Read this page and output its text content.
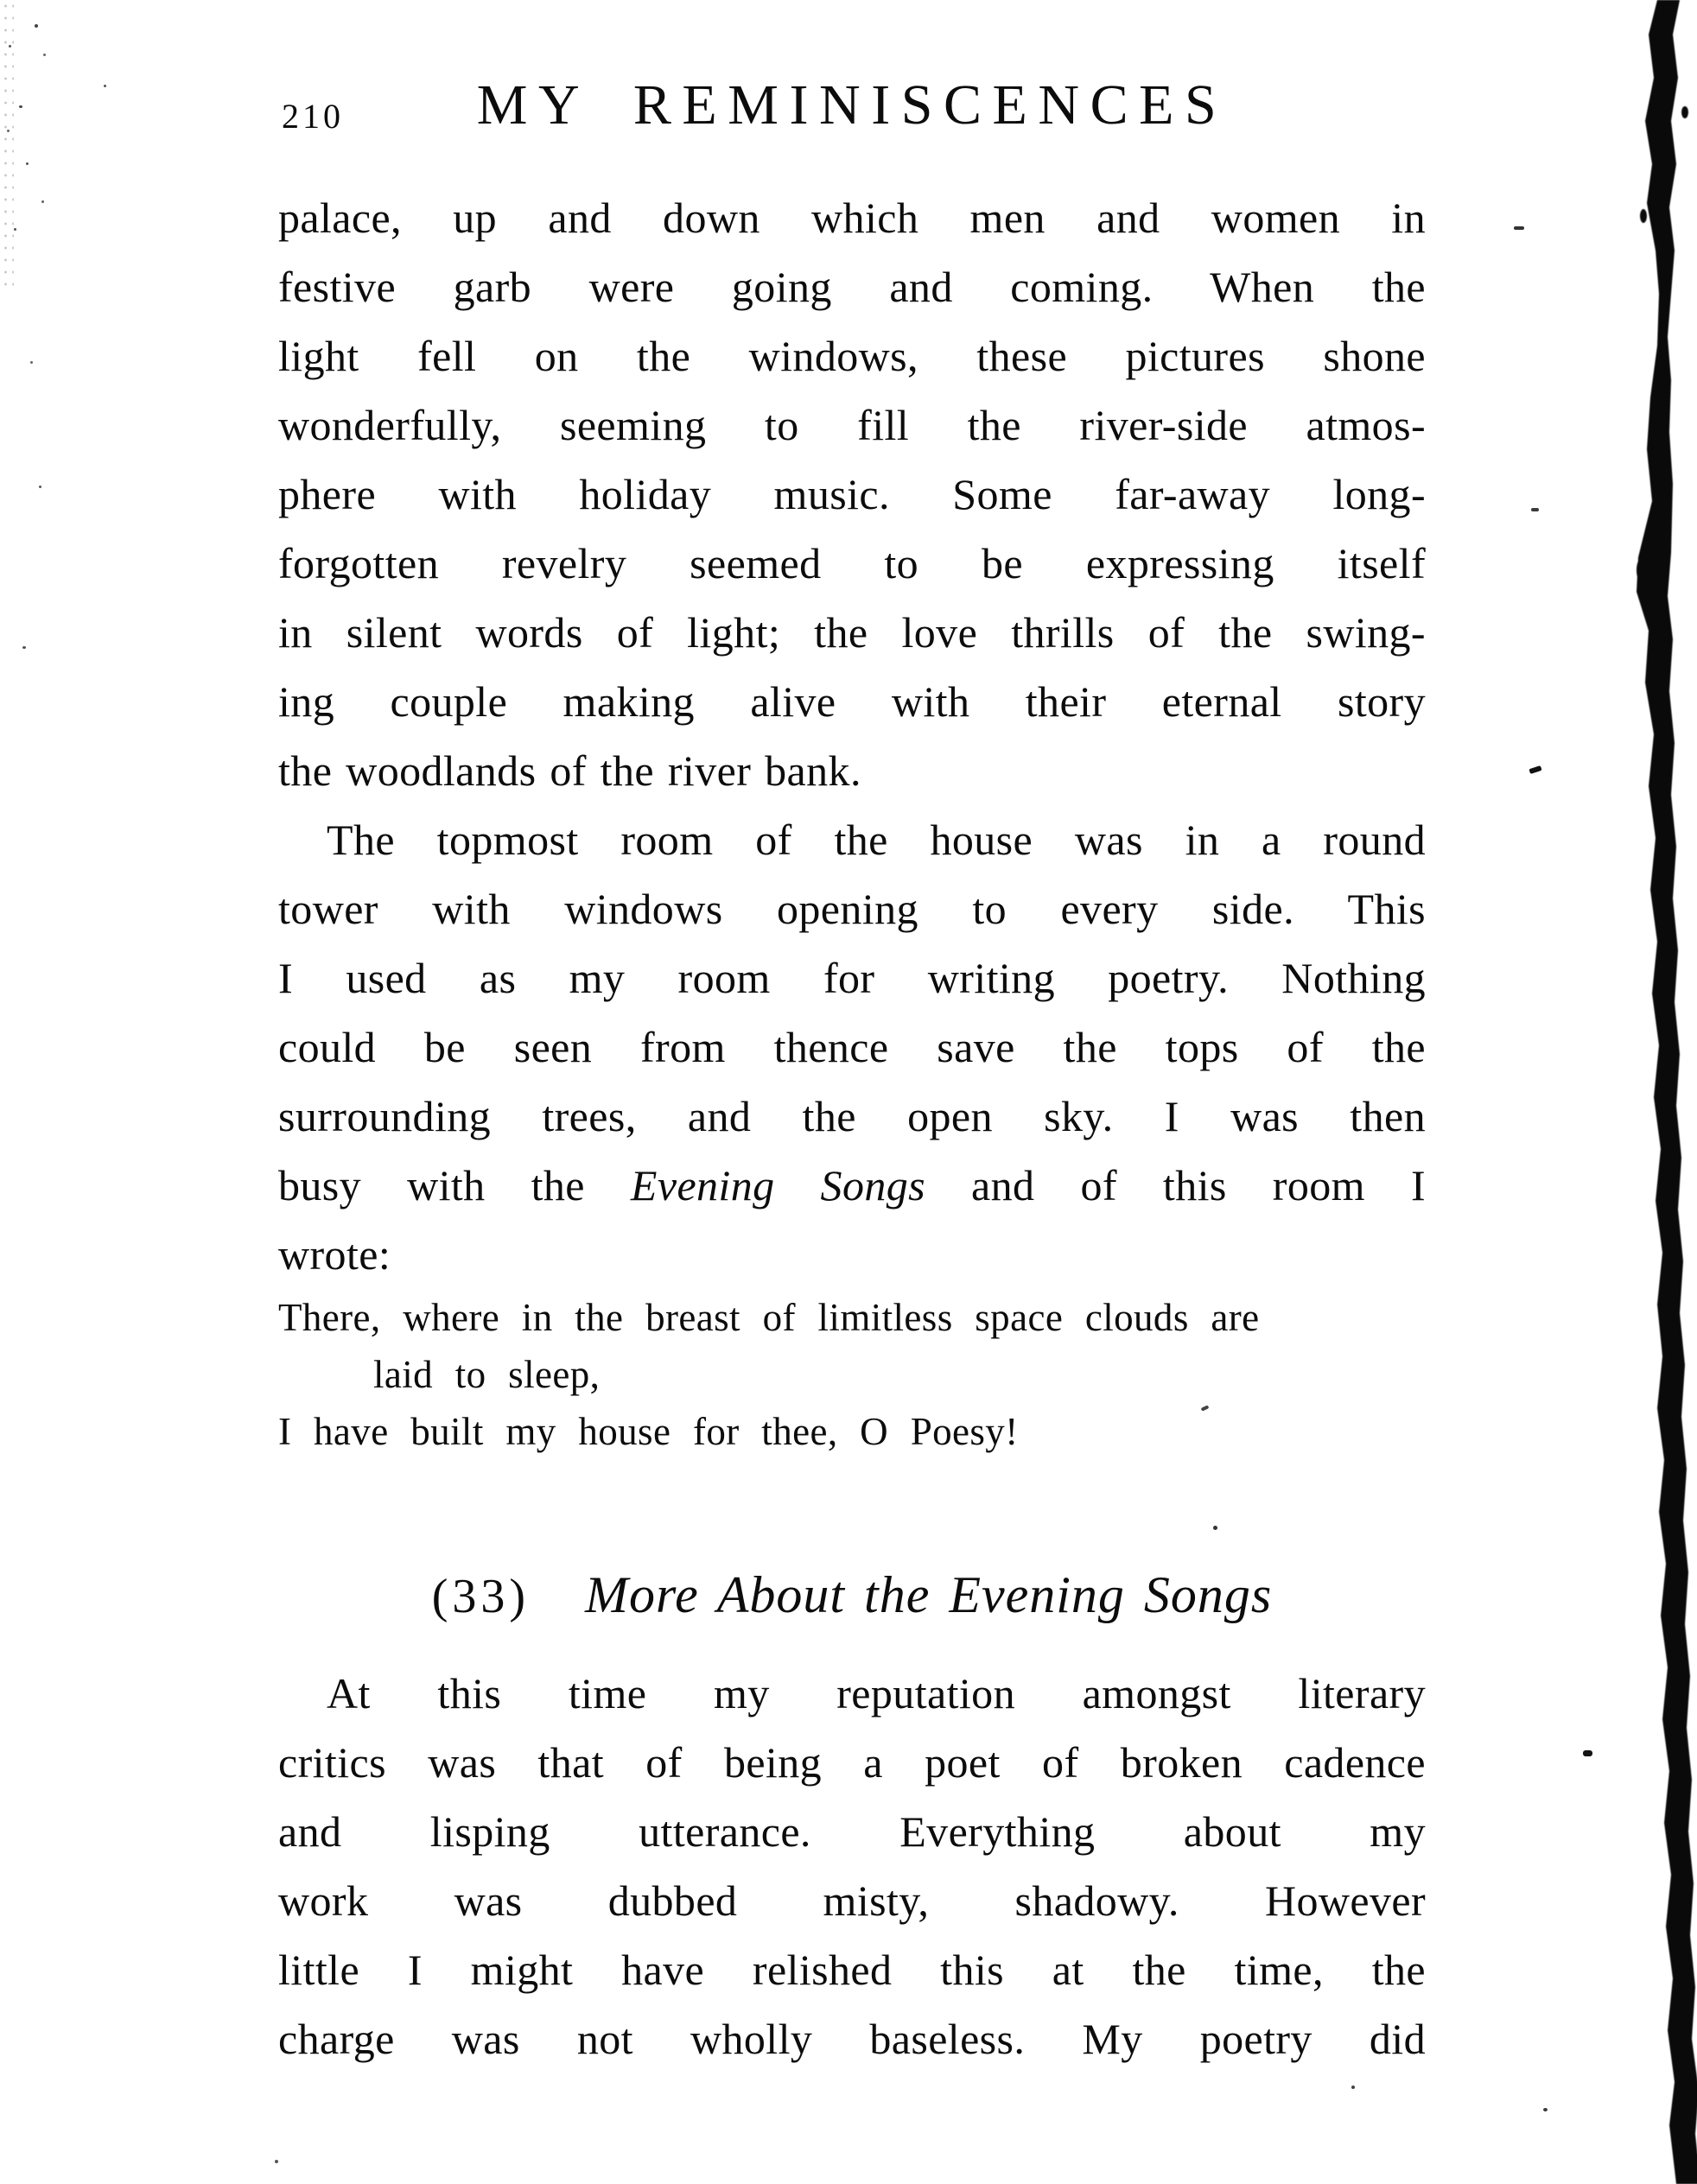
210	MY REMINISCENCES
palace, up and down which men and women in
festive garb were going and coming. When the
light fell on the windows, these pictures shone
wonderfully, seeming to fill the river-side atmos-
phere with holiday music. Some far-away long-
forgotten revelry seemed to be expressing itself
in silent words of light; the love thrills of the swing-
ing couple making alive with their eternal story
the woodlands of the river bank.
The topmost room of the house was in a round
tower with windows opening to every side. This
I used as my room for writing poetry. Nothing
could be seen from thence save the tops of the
surrounding trees, and the open sky. I was then
busy with the Evening Songs and of this room I
wrote:
There, where in the breast of limitless space clouds are
laid to sleep,
I have built my house for thee, O Poesy!
(33) More About the Evening Songs
At this time my reputation amongst literary
critics was that of being a poet of broken cadence
and lisping utterance. Everything about my
work was dubbed misty, shadowy. However
little I might have relished this at the time, the
charge was not wholly baseless. My poetry did
